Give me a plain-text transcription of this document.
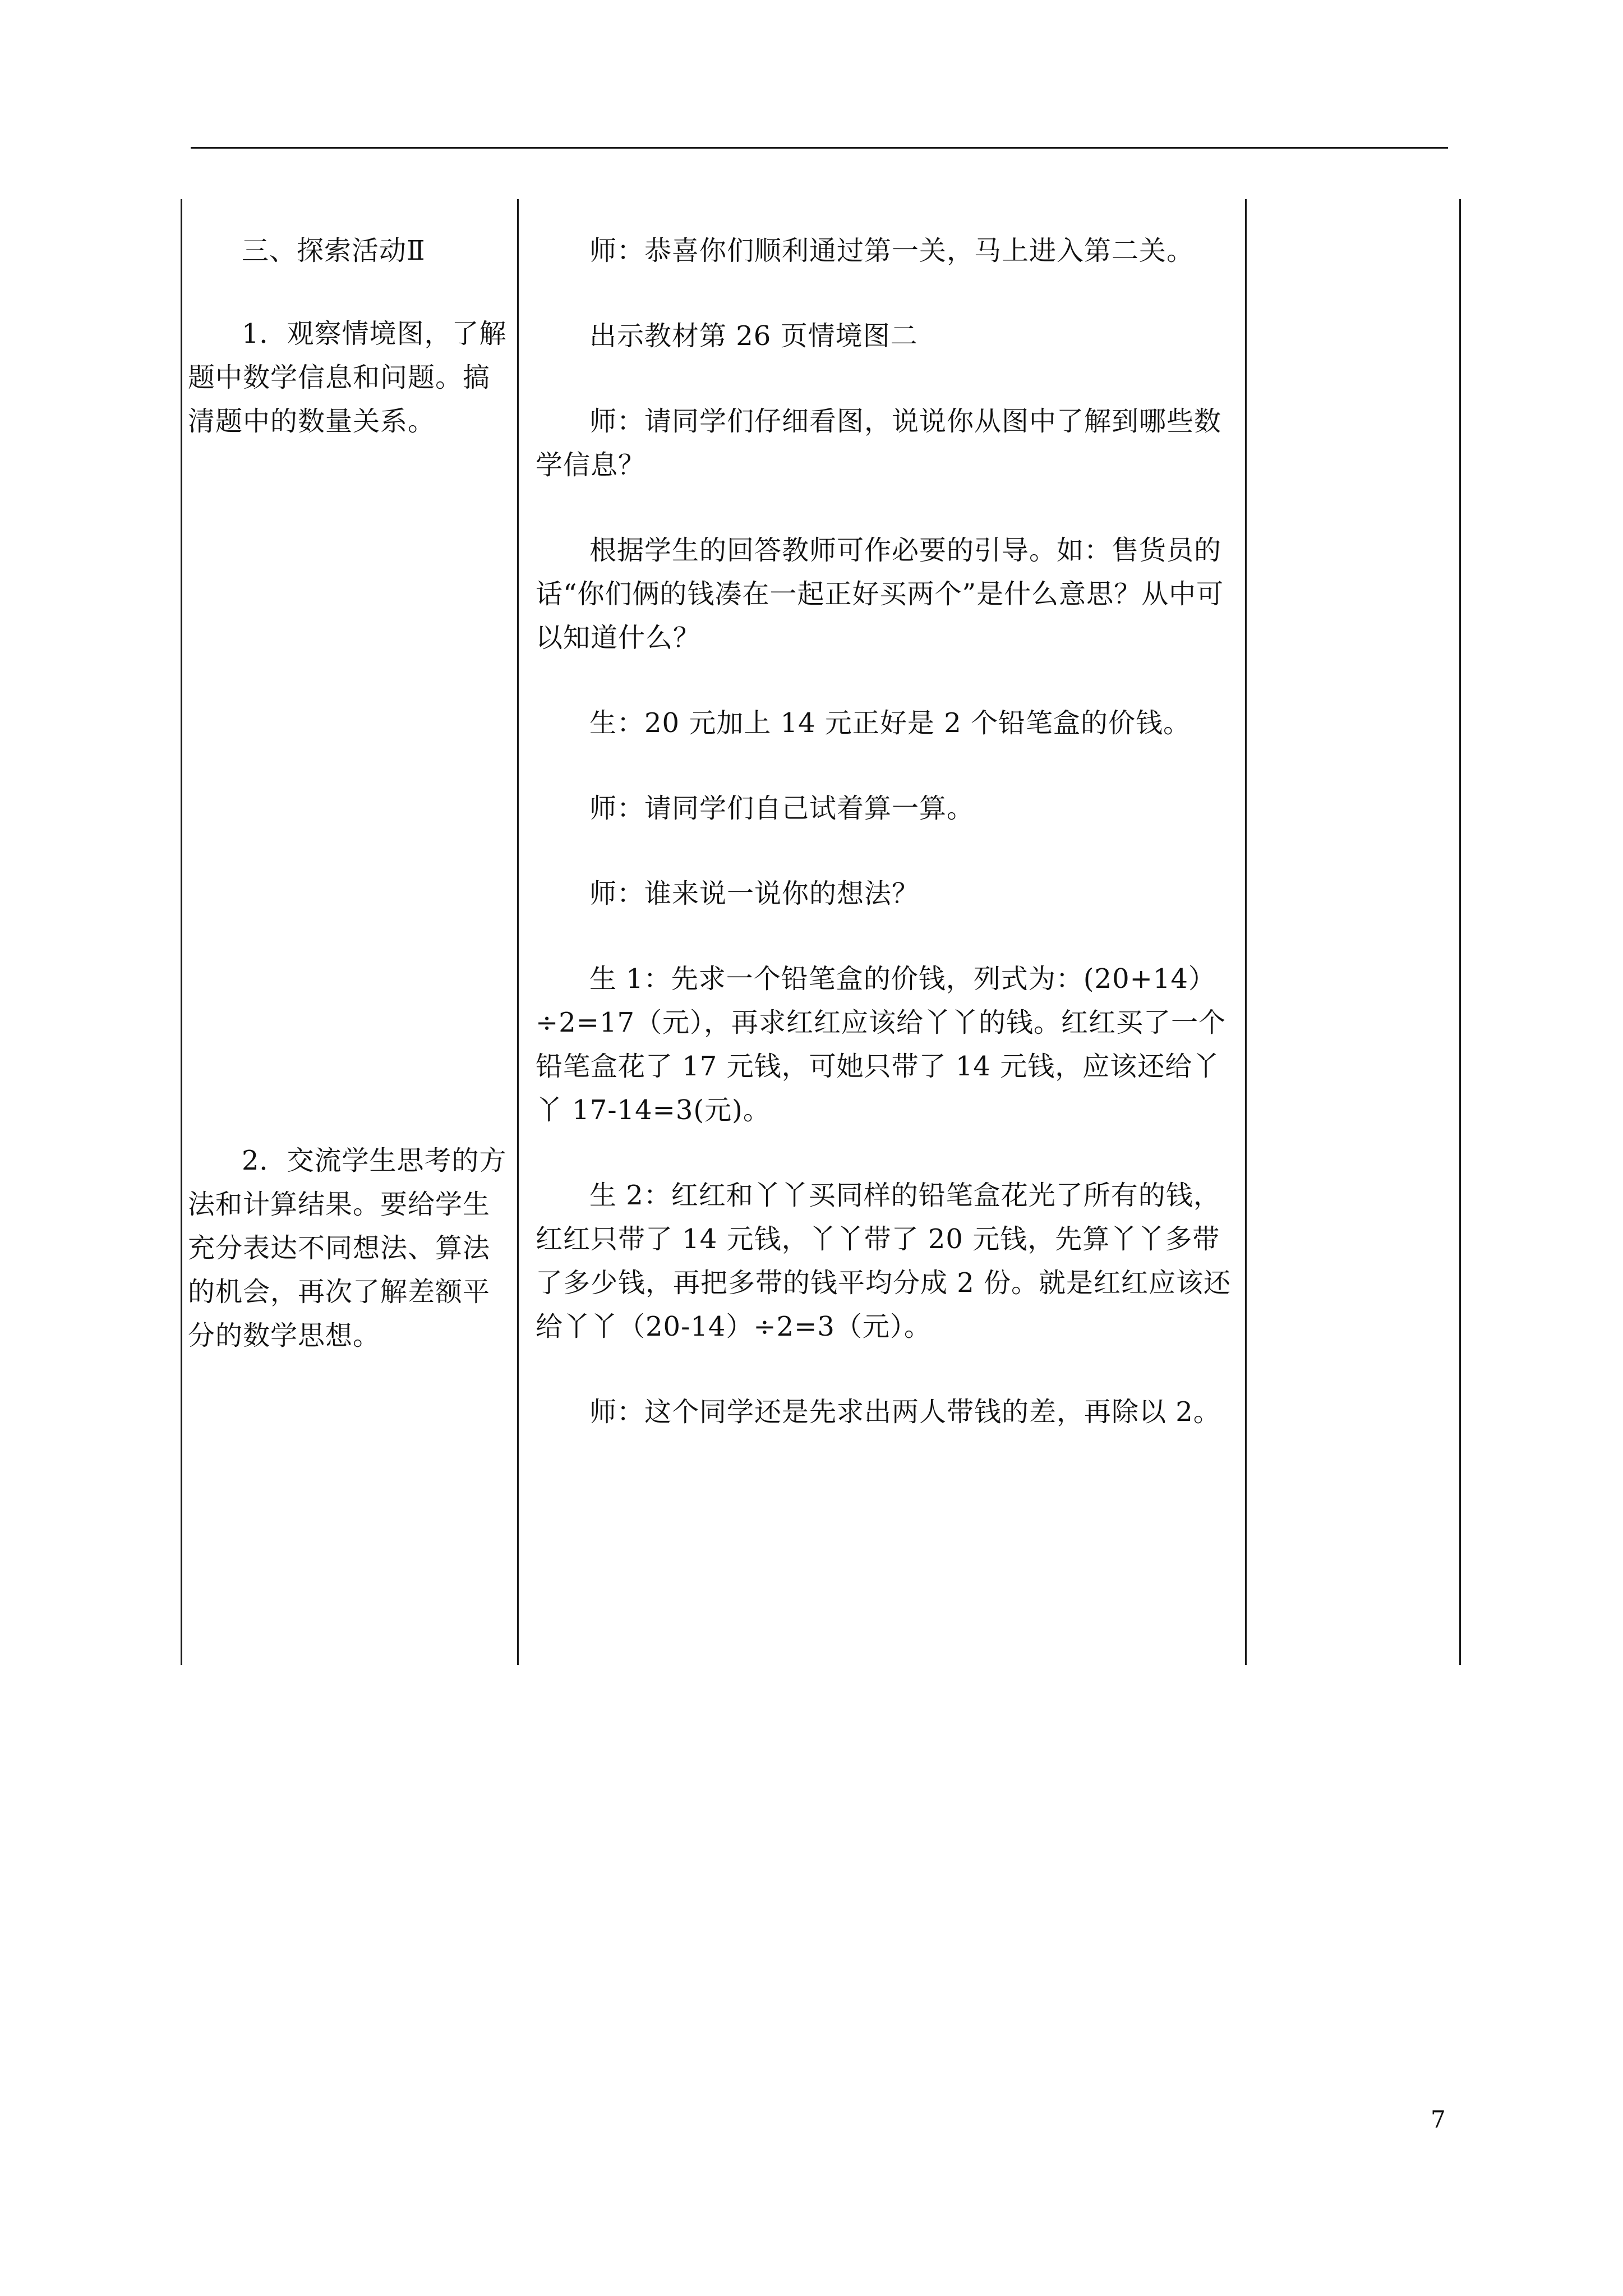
三、探索活动Ⅱ

1．观察情境图，了解题中数学信息和问题。搞清题中的数量关系。

2．交流学生思考的方法和计算结果。要给学生充分表达不同想法、算法的机会，再次了解差额平分的数学思想。

师：恭喜你们顺利通过第一关，马上进入第二关。

出示教材第 26 页情境图二

师：请同学们仔细看图，说说你从图中了解到哪些数学信息？

根据学生的回答教师可作必要的引导。如：售货员的话“你们俩的钱凑在一起正好买两个”是什么意思？从中可以知道什么？

生：20 元加上 14 元正好是 2 个铅笔盒的价钱。

师：请同学们自己试着算一算。

师：谁来说一说你的想法？

生 1：先求一个铅笔盒的价钱，列式为：(20+14）÷2=17（元），再求红红应该给丫丫的钱。红红买了一个铅笔盒花了 17 元钱，可她只带了 14 元钱，应该还给丫丫 17-14=3(元)。

生 2：红红和丫丫买同样的铅笔盒花光了所有的钱，红红只带了 14 元钱，丫丫带了 20 元钱，先算丫丫多带了多少钱，再把多带的钱平均分成 2 份。就是红红应该还给丫丫（20-14）÷2=3（元）。

师：这个同学还是先求出两人带钱的差，再除以 2。

7
